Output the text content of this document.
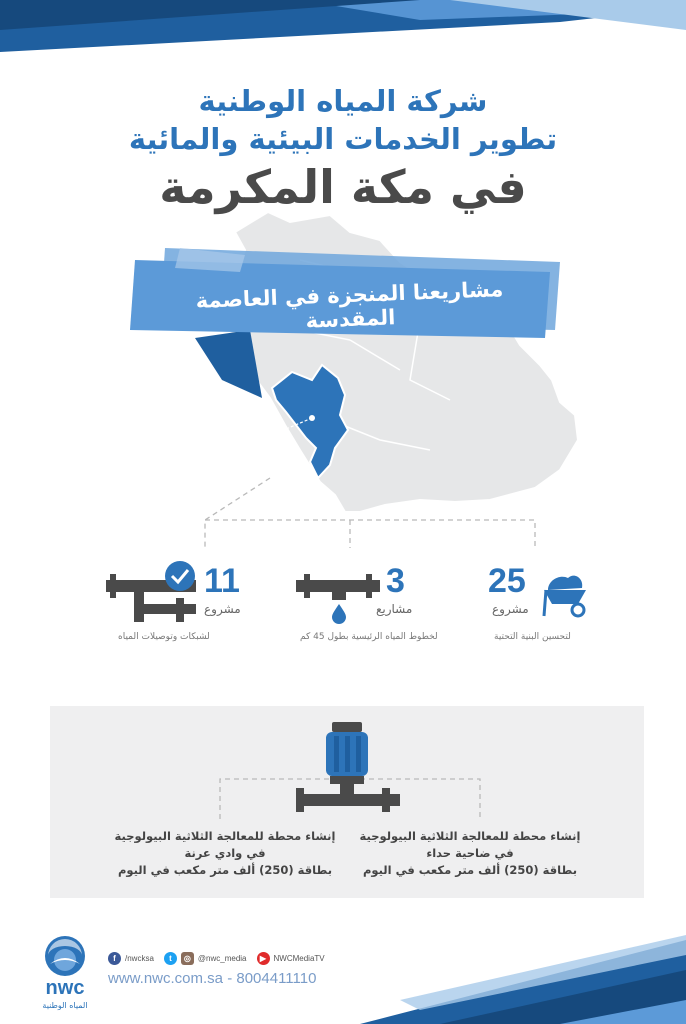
شركة المياه الوطنية
تطوير الخدمات البيئية والمائية
في مكة المكرمة
مشاريعنا المنجزة في العاصمة المقدسة
25
مشروع
لتحسين البنية التحتية
3
مشاريع
لخطوط المياه الرئيسية بطول 45 كم
11
مشروع
لشبكات وتوصيلات المياه
إنشاء محطة للمعالجة الثلاثية البيولوجية
في ضاحية حداء
بطاقة (250) ألف متر مكعب في اليوم
إنشاء محطة للمعالجة الثلاثية البيولوجية
في وادي عرنة
بطاقة (250) ألف متر مكعب في اليوم
nwc
المياه الوطنية
f	/nwcksa	t	◎ @nwc_media	▶ NWCMediaTV
www.nwc.com.sa - 8004411110
